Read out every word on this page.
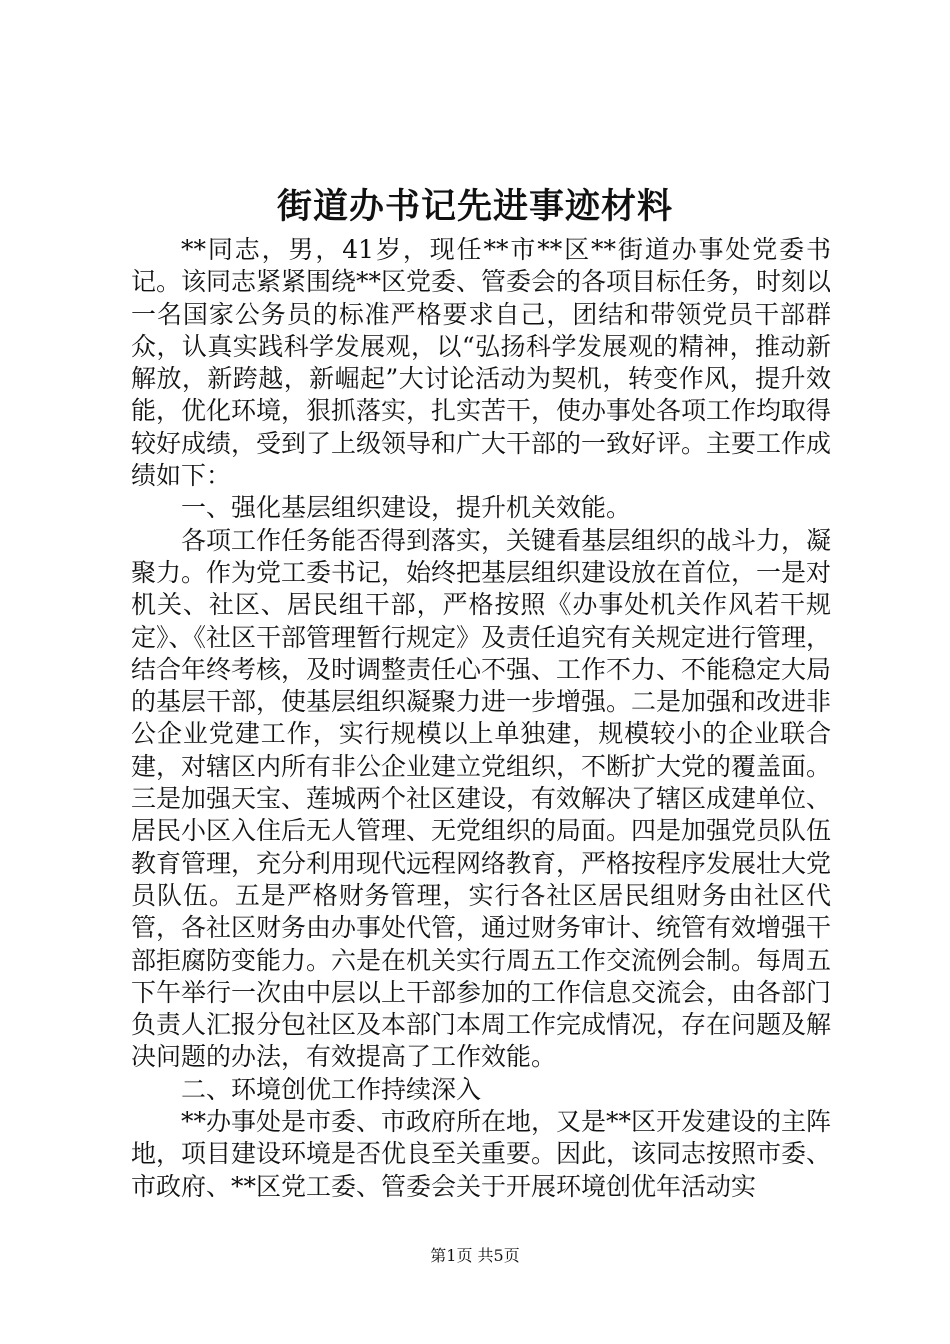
街道办书记先进事迹材料

**同志，男，41岁，现任**市**区**街道办事处党委书记。该同志紧紧围绕**区党委、管委会的各项目标任务，时刻以一名国家公务员的标准严格要求自己，团结和带领党员干部群众，认真实践科学发展观，以“弘扬科学发展观的精神，推动新解放，新跨越，新崛起”大讨论活动为契机，转变作风，提升效能，优化环境，狠抓落实，扎实苦干，使办事处各项工作均取得较好成绩，受到了上级领导和广大干部的一致好评。主要工作成绩如下：

一、强化基层组织建设，提升机关效能。

各项工作任务能否得到落实，关键看基层组织的战斗力，凝聚力。作为党工委书记，始终把基层组织建设放在首位，一是对机关、社区、居民组干部，严格按照《办事处机关作风若干规定》、《社区干部管理暂行规定》及责任追究有关规定进行管理，结合年终考核，及时调整责任心不强、工作不力、不能稳定大局的基层干部，使基层组织凝聚力进一步增强。二是加强和改进非公企业党建工作，实行规模以上单独建，规模较小的企业联合建，对辖区内所有非公企业建立党组织，不断扩大党的覆盖面。三是加强天宝、莲城两个社区建设，有效解决了辖区成建单位、居民小区入住后无人管理、无党组织的局面。四是加强党员队伍教育管理，充分利用现代远程网络教育，严格按程序发展壮大党员队伍。五是严格财务管理，实行各社区居民组财务由社区代管，各社区财务由办事处代管，通过财务审计、统管有效增强干部拒腐防变能力。六是在机关实行周五工作交流例会制。每周五下午举行一次由中层以上干部参加的工作信息交流会，由各部门负责人汇报分包社区及本部门本周工作完成情况，存在问题及解决问题的办法，有效提高了工作效能。

二、环境创优工作持续深入

**办事处是市委、市政府所在地，又是**区开发建设的主阵地，项目建设环境是否优良至关重要。因此，该同志按照市委、市政府、**区党工委、管委会关于开展环境创优年活动实

第1页 共5页
